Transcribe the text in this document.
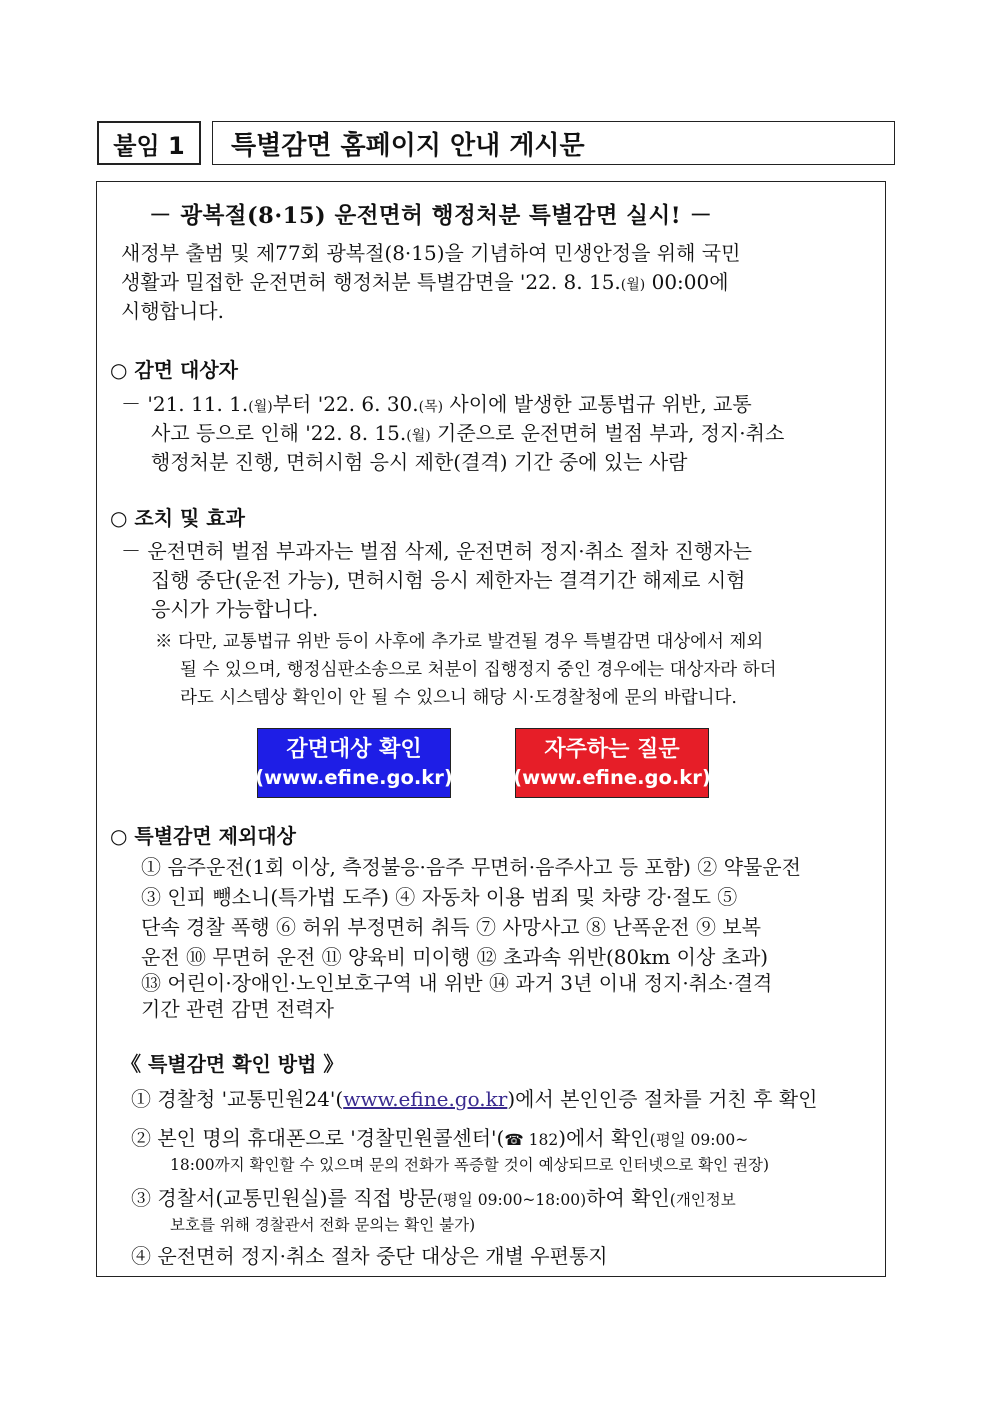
붙임 1 특별감면 홈페이지 안내 게시문
－ 광복절(8·15) 운전면허 행정처분 특별감면 실시! －
새정부 출범 및 제77회 광복절(8·15)을 기념하여 민생안정을 위해 국민
생활과 밀접한 운전면허 행정처분 특별감면을 '22. 8. 15.(월) 00:00에
시행합니다.
○ 감면 대상자
－ '21. 11. 1.(월)부터 '22. 6. 30.(목) 사이에 발생한 교통법규 위반, 교통
사고 등으로 인해 '22. 8. 15.(월) 기준으로 운전면허 벌점 부과, 정지·취소
행정처분 진행, 면허시험 응시 제한(결격) 기간 중에 있는 사람
○ 조치 및 효과
－ 운전면허 벌점 부과자는 벌점 삭제, 운전면허 정지·취소 절차 진행자는
집행 중단(운전 가능), 면허시험 응시 제한자는 결격기간 해제로 시험
응시가 가능합니다.
※ 다만, 교통법규 위반 등이 사후에 추가로 발견될 경우 특별감면 대상에서 제외
될 수 있으며, 행정심판소송으로 처분이 집행정지 중인 경우에는 대상자라 하더
라도 시스템상 확인이 안 될 수 있으니 해당 시·도경찰청에 문의 바랍니다.
감면대상 확인
(www.efine.go.kr)
자주하는 질문
(www.efine.go.kr)
○ 특별감면 제외대상
① 음주운전(1회 이상, 측정불응·음주 무면허·음주사고 등 포함) ② 약물운전
③ 인피 뺑소니(특가법 도주) ④ 자동차 이용 범죄 및 차량 강·절도 ⑤
단속 경찰 폭행 ⑥ 허위 부정면허 취득 ⑦ 사망사고 ⑧ 난폭운전 ⑨ 보복
운전 ⑩ 무면허 운전 ⑪ 양육비 미이행 ⑫ 초과속 위반(80km 이상 초과)
⑬ 어린이·장애인·노인보호구역 내 위반 ⑭ 과거 3년 이내 정지·취소·결격
기간 관련 감면 전력자
《 특별감면 확인 방법 》
① 경찰청 '교통민원24'(www.efine.go.kr)에서 본인인증 절차를 거친 후 확인
② 본인 명의 휴대폰으로 '경찰민원콜센터'(☎ 182)에서 확인(평일 09:00~
18:00까지 확인할 수 있으며 문의 전화가 폭증할 것이 예상되므로 인터넷으로 확인 권장)
③ 경찰서(교통민원실)를 직접 방문(평일 09:00~18:00)하여 확인(개인정보
보호를 위해 경찰관서 전화 문의는 확인 불가)
④ 운전면허 정지·취소 절차 중단 대상은 개별 우편통지
